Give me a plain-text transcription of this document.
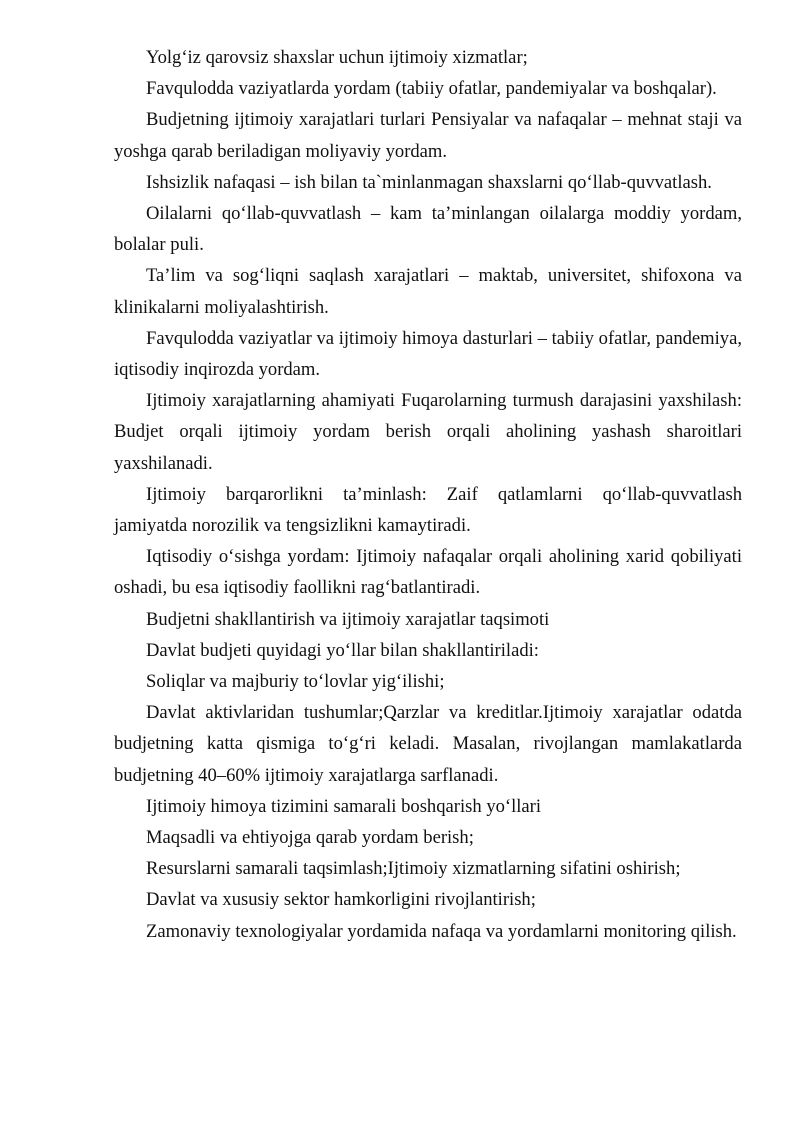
Yolg‘iz qarovsiz shaxslar uchun ijtimoiy xizmatlar;

Favqulodda vaziyatlarda yordam (tabiiy ofatlar, pandemiyalar va boshqalar).

Budjetning ijtimoiy xarajatlari turlari Pensiyalar va nafaqalar – mehnat staji va yoshga qarab beriladigan moliyaviy yordam.

Ishsizlik nafaqasi – ish bilan ta`minlanmagan shaxslarni qo‘llab-quvvatlash.

Oilalarni qo‘llab-quvvatlash – kam ta’minlangan oilalarga moddiy yordam, bolalar puli.

Ta’lim va sog‘liqni saqlash xarajatlari – maktab, universitet, shifoxona va klinikalarni moliyalashtirish.

Favqulodda vaziyatlar va ijtimoiy himoya dasturlari – tabiiy ofatlar, pandemiya, iqtisodiy inqirozda yordam.

Ijtimoiy xarajatlarning ahamiyati Fuqarolarning turmush darajasini yaxshilash: Budjet orqali ijtimoiy yordam berish orqali aholining yashash sharoitlari yaxshilanadi.

Ijtimoiy barqarorlikni ta’minlash: Zaif qatlamlarni qo‘llab-quvvatlash jamiyatda norozilik va tengsizlikni kamaytiradi.

Iqtisodiy o‘sishga yordam: Ijtimoiy nafaqalar orqali aholining xarid qobiliyati oshadi, bu esa iqtisodiy faollikni rag‘batlantiradi.

Budjetni shakllantirish va ijtimoiy xarajatlar taqsimoti

Davlat budjeti quyidagi yo‘llar bilan shakllantiriladi:

Soliqlar va majburiy to‘lovlar yig‘ilishi;

Davlat aktivlaridan tushumlar;Qarzlar va kreditlar.Ijtimoiy xarajatlar odatda budjetning katta qismiga to‘g‘ri keladi. Masalan, rivojlangan mamlakatlarda budjetning 40–60% ijtimoiy xarajatlarga sarflanadi.

Ijtimoiy himoya tizimini samarali boshqarish yo‘llari

Maqsadli va ehtiyojga qarab yordam berish;

Resurslarni samarali taqsimlash;Ijtimoiy xizmatlarning sifatini oshirish;

Davlat va xususiy sektor hamkorligini rivojlantirish;

Zamonaviy texnologiyalar yordamida nafaqa va yordamlarni monitoring qilish.
